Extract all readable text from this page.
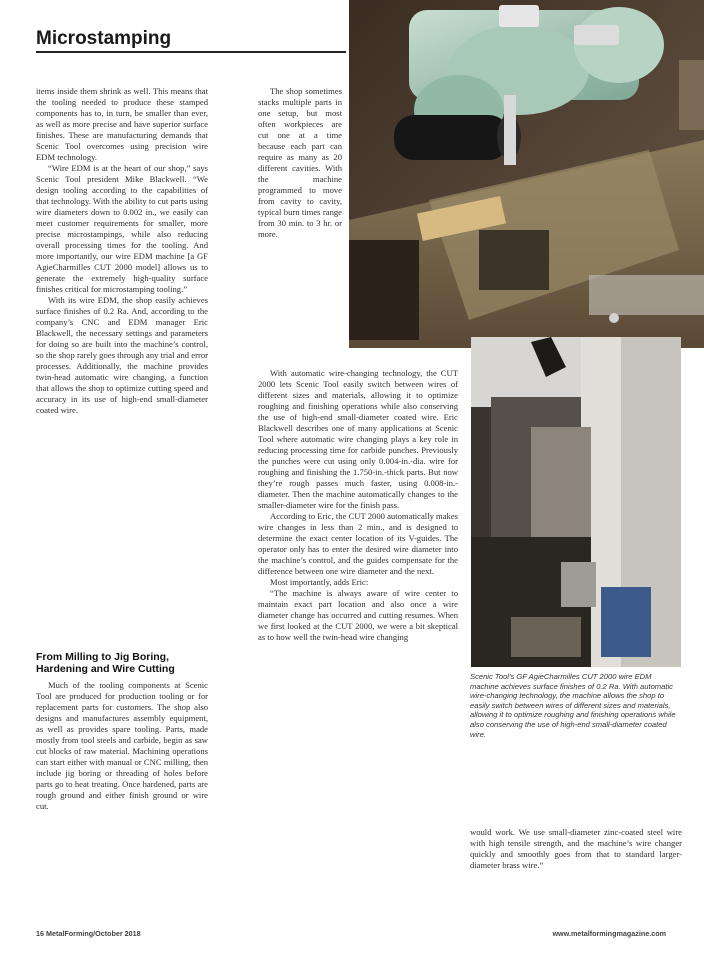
Microstamping

items inside them shrink as well. This means that the tooling needed to produce these stamped components has to, in turn, be smaller than ever, as well as more precise and have superior surface finishes. These are manufacturing demands that Scenic Tool overcomes using precision wire EDM technology.

“Wire EDM is at the heart of our shop,” says Scenic Tool president Mike Blackwell. “We design tooling according to the capabilities of that technology. With the ability to cut parts using wire diameters down to 0.002 in., we easily can meet customer requirements for smaller, more precise microstampings, while also reducing overall processing times for the tooling. And more importantly, our wire EDM machine [a GF AgieCharmilles CUT 2000 model] allows us to generate the extremely high-quality surface finishes critical for microstamping tooling.”

With its wire EDM, the shop easily achieves surface finishes of 0.2 Ra. And, according to the company’s CNC and EDM manager Eric Blackwell, the necessary settings and parameters for doing so are built into the machine’s control, so the shop rarely goes through any trial and error processes. Additionally, the machine provides twin-head automatic wire changing, a function that allows the shop to optimize cutting speed and accuracy in its use of high-end small-diameter coated wire.

From Milling to Jig Boring, Hardening and Wire Cutting

Much of the tooling components at Scenic Tool are produced for production tooling or for replacement parts for customers. The shop also designs and manufactures assembly equipment, as well as provides spare tooling. Parts, made mostly from tool steels and carbide, begin as saw cut blocks of raw material. Machining operations can start either with manual or CNC milling, then include jig boring or threading of holes before parts go to heat treating. Once hardened, parts are rough ground and either finish ground or wire cut.

The shop sometimes stacks multiple parts in one setup, but most often workpieces are cut one at a time because each part can require as many as 20 different cavities. With the machine programmed to move from cavity to cavity, typical burn times range from 30 min. to 3 hr. or more.

With automatic wire-changing technology, the CUT 2000 lets Scenic Tool easily switch between wires of different sizes and materials, allowing it to optimize roughing and finishing operations while also conserving the use of high-end small-diameter coated wire. Eric Blackwell describes one of many applications at Scenic Tool where automatic wire changing plays a key role in reducing processing time for carbide punches. Previously the punches were cut using only 0.004-in.-dia. wire for roughing and finishing the 1.750-in.-thick parts. But now they’re rough passes much faster, using 0.008-in.-diameter. Then the machine automatically changes to the smaller-diameter wire for the finish pass.

According to Eric, the CUT 2000 automatically makes wire changes in less than 2 min., and is designed to determine the exact center location of its V-guides. The operator only has to enter the desired wire diameter into the machine’s control, and the guides compensate for the difference between one wire diameter and the next.

Most importantly, adds Eric:

“The machine is always aware of wire center to maintain exact part location and also once a wire diameter change has occurred and cutting resumes. When we first looked at the CUT 2000, we were a bit skeptical as to how well the twin-head wire changing

Scenic Tool’s GF AgieCharmilles CUT 2000 wire EDM machine achieves surface finishes of 0.2 Ra. With automatic wire-changing technology, the machine allows the shop to easily switch between wires of different sizes and materials, allowing it to optimize roughing and finishing operations while also conserving the use of high-end small-diameter coated wire.

would work. We use small-diameter zinc-coated steel wire with high tensile strength, and the machine’s wire changer quickly and smoothly goes from that to standard larger-diameter brass wire.”

16 MetalForming/October 2018	www.metalformingmagazine.com
